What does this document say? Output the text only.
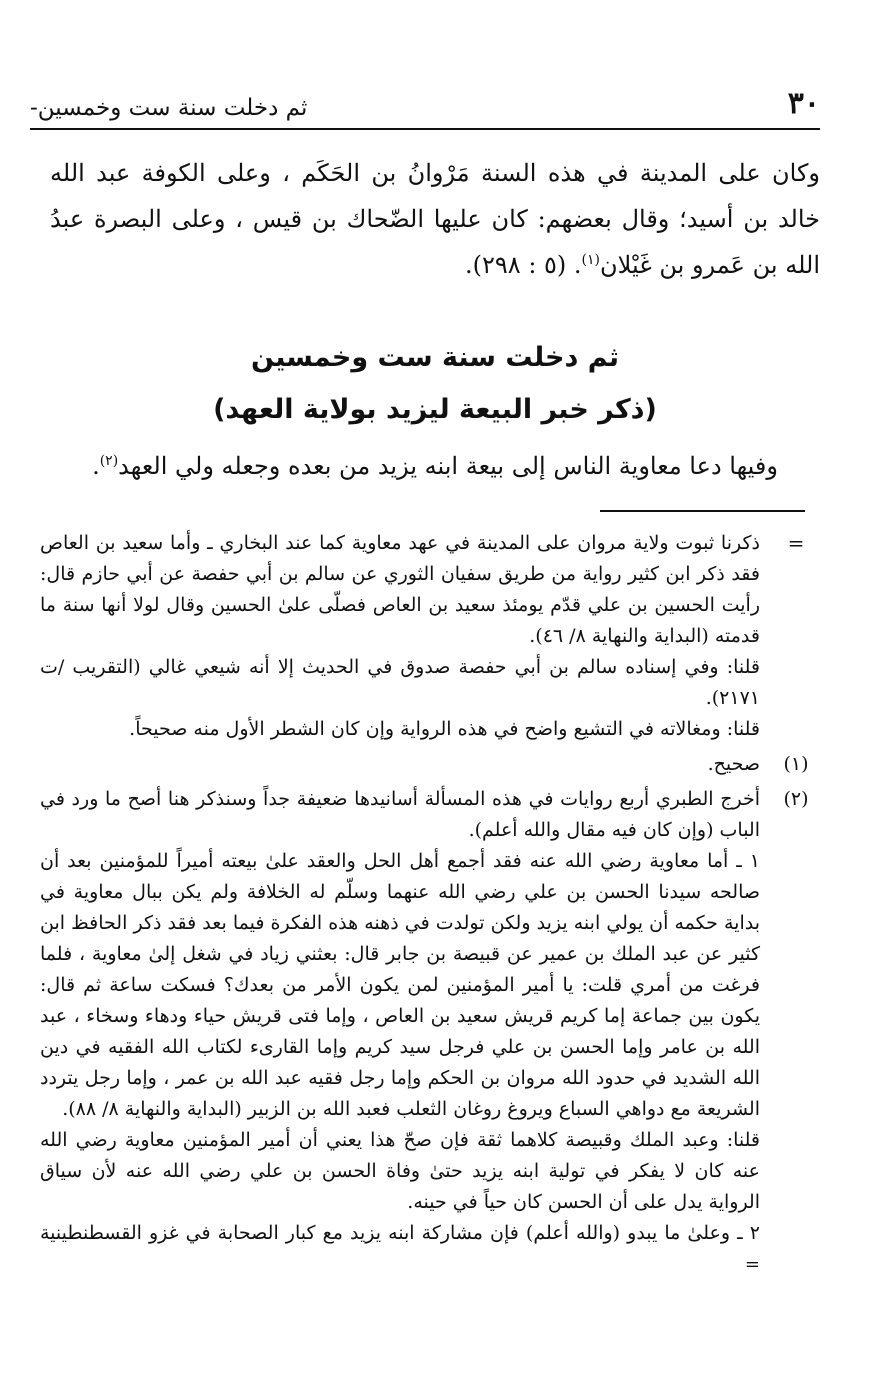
٣٠
ثم دخلت سنة ست وخمسين-

وكان على المدينة في هذه السنة مَرْوانُ بن الحَكَم ، وعلى الكوفة عبد الله خالد بن أسيد؛ وقال بعضهم: كان عليها الضّحاك بن قيس ، وعلى البصرة عبدُ الله بن عَمرو بن غَيْلان$^{(١)}$. (٥ : ٢٩٨).

ثم دخلت سنة ست وخمسين
(ذكر خبر البيعة ليزيد بولاية العهد)
وفيها دعا معاوية الناس إلى بيعة ابنه يزيد من بعده وجعله ولي العهد$^{(٢)}$.
=

ذكرنا ثبوت ولاية مروان على المدينة في عهد معاوية كما عند البخاري ـ وأما سعيد بن العاص فقد ذكر ابن كثير رواية من طريق سفيان الثوري عن سالم بن أبي حفصة عن أبي حازم قال: رأيت الحسين بن علي قدّم يومئذ سعيد بن العاص فصلّى علىٰ الحسين وقال لولا أنها سنة ما قدمته (البداية والنهاية ٨/ ٤٦).

قلنا: وفي إسناده سالم بن أبي حفصة صدوق في الحديث إلا أنه شيعي غالي (التقريب /ت ٢١٧١).

قلنا: ومغالاته في التشيع واضح في هذه الرواية وإن كان الشطر الأول منه صحيحاً.

(١)

صحيح.

(٢)

أخرج الطبري أربع روايات في هذه المسألة أسانيدها ضعيفة جداً وسنذكر هنا أصح ما ورد في الباب (وإن كان فيه مقال والله أعلم).

١ ـ أما معاوية رضي الله عنه فقد أجمع أهل الحل والعقد علىٰ بيعته أميراً للمؤمنين بعد أن صالحه سيدنا الحسن بن علي رضي الله عنهما وسلّم له الخلافة ولم يكن ببال معاوية في بداية حكمه أن يولي ابنه يزيد ولكن تولدت في ذهنه هذه الفكرة فيما بعد فقد ذكر الحافظ ابن كثير عن عبد الملك بن عمير عن قبيصة بن جابر قال: بعثني زياد في شغل إلىٰ معاوية ، فلما فرغت من أمري قلت: يا أمير المؤمنين لمن يكون الأمر من بعدك؟ فسكت ساعة ثم قال: يكون بين جماعة إما كريم قريش سعيد بن العاص ، وإما فتى قريش حياء ودهاء وسخاء ، عبد الله بن عامر وإما الحسن بن علي فرجل سيد كريم وإما القارىء لكتاب الله الفقيه في دين الله الشديد في حدود الله مروان بن الحكم وإما رجل فقيه عبد الله بن عمر ، وإما رجل يتردد الشريعة مع دواهي السباع ويروغ روغان الثعلب فعبد الله بن الزبير (البداية والنهاية ٨/ ٨٨).

قلنا: وعبد الملك وقبيصة كلاهما ثقة فإن صحّ هذا يعني أن أمير المؤمنين معاوية رضي الله عنه كان لا يفكر في تولية ابنه يزيد حتىٰ وفاة الحسن بن علي رضي الله عنه لأن سياق الرواية يدل على أن الحسن كان حياً في حينه.

٢ ـ وعلىٰ ما يبدو (والله أعلم) فإن مشاركة ابنه يزيد مع كبار الصحابة في غزو القسطنطينية =
